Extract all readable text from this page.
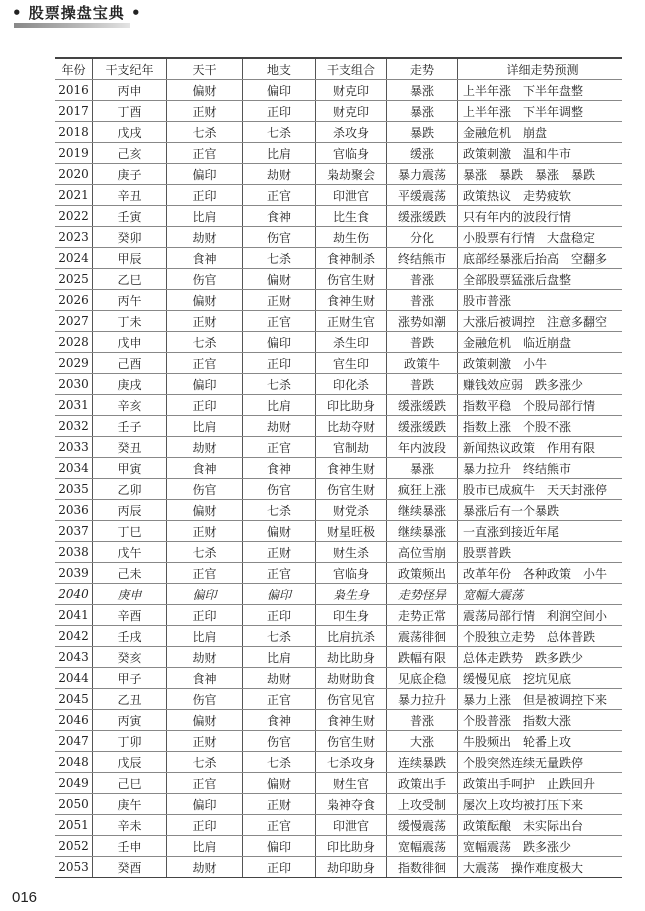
• 股票操盘宝典 •
年份	干支纪年	天干	地支	干支组合	走势	详细走势预测
2016	丙申	偏财	偏印	财克印	暴涨	上半年涨　下半年盘整
2017	丁酉	正财	正印	财克印	暴涨	上半年涨　下半年调整
2018	戊戌	七杀	七杀	杀攻身	暴跌	金融危机　崩盘
2019	己亥	正官	比肩	官临身	缓涨	政策刺激　温和牛市
2020	庚子	偏印	劫财	枭劫聚会	暴力震荡	暴涨　暴跌　暴涨　暴跌
2021	辛丑	正印	正官	印泄官	平缓震荡	政策热议　走势疲软
2022	壬寅	比肩	食神	比生食	缓涨缓跌	只有年内的波段行情
2023	癸卯	劫财	伤官	劫生伤	分化	小股票有行情　大盘稳定
2024	甲辰	食神	七杀	食神制杀	终结熊市	底部经暴涨后抬高　空翻多
2025	乙巳	伤官	偏财	伤官生财	普涨	全部股票猛涨后盘整
2026	丙午	偏财	正财	食神生财	普涨	股市普涨
2027	丁未	正财	正官	正财生官	涨势如潮	大涨后被调控　注意多翻空
2028	戊申	七杀	偏印	杀生印	普跌	金融危机　临近崩盘
2029	己酉	正官	正印	官生印	政策牛	政策刺激　小牛
2030	庚戌	偏印	七杀	印化杀	普跌	赚钱效应弱　跌多涨少
2031	辛亥	正印	比肩	印比助身	缓涨缓跌	指数平稳　个股局部行情
2032	壬子	比肩	劫财	比劫夺财	缓涨缓跌	指数上涨　个股不涨
2033	癸丑	劫财	正官	官制劫	年内波段	新闻热议政策　作用有限
2034	甲寅	食神	食神	食神生财	暴涨	暴力拉升　终结熊市
2035	乙卯	伤官	伤官	伤官生财	疯狂上涨	股市已成疯牛　天天封涨停
2036	丙辰	偏财	七杀	财党杀	继续暴涨	暴涨后有一个暴跌
2037	丁巳	正财	偏财	财星旺极	继续暴涨	一直涨到接近年尾
2038	戊午	七杀	正财	财生杀	高位雪崩	股票普跌
2039	己未	正官	正官	官临身	政策频出	改革年份　各种政策　小牛
2040	庚申	偏印	偏印	枭生身	走势怪异	宽幅大震荡
2041	辛酉	正印	正印	印生身	走势正常	震荡局部行情　利润空间小
2042	壬戌	比肩	七杀	比肩抗杀	震荡徘徊	个股独立走势　总体普跌
2043	癸亥	劫财	比肩	劫比助身	跌幅有限	总体走跌势　跌多跌少
2044	甲子	食神	劫财	劫财助食	见底企稳	缓慢见底　挖坑见底
2045	乙丑	伤官	正官	伤官见官	暴力拉升	暴力上涨　但是被调控下来
2046	丙寅	偏财	食神	食神生财	普涨	个股普涨　指数大涨
2047	丁卯	正财	伤官	伤官生财	大涨	牛股频出　轮番上攻
2048	戊辰	七杀	七杀	七杀攻身	连续暴跌	个股突然连续无量跌停
2049	己巳	正官	偏财	财生官	政策出手	政策出手呵护　止跌回升
2050	庚午	偏印	正财	枭神夺食	上攻受制	屡次上攻均被打压下来
2051	辛未	正印	正官	印泄官	缓慢震荡	政策酝酿　未实际出台
2052	壬申	比肩	偏印	印比助身	宽幅震荡	宽幅震荡　跌多涨少
2053	癸酉	劫财	正印	劫印助身	指数徘徊	大震荡　操作难度极大
016
